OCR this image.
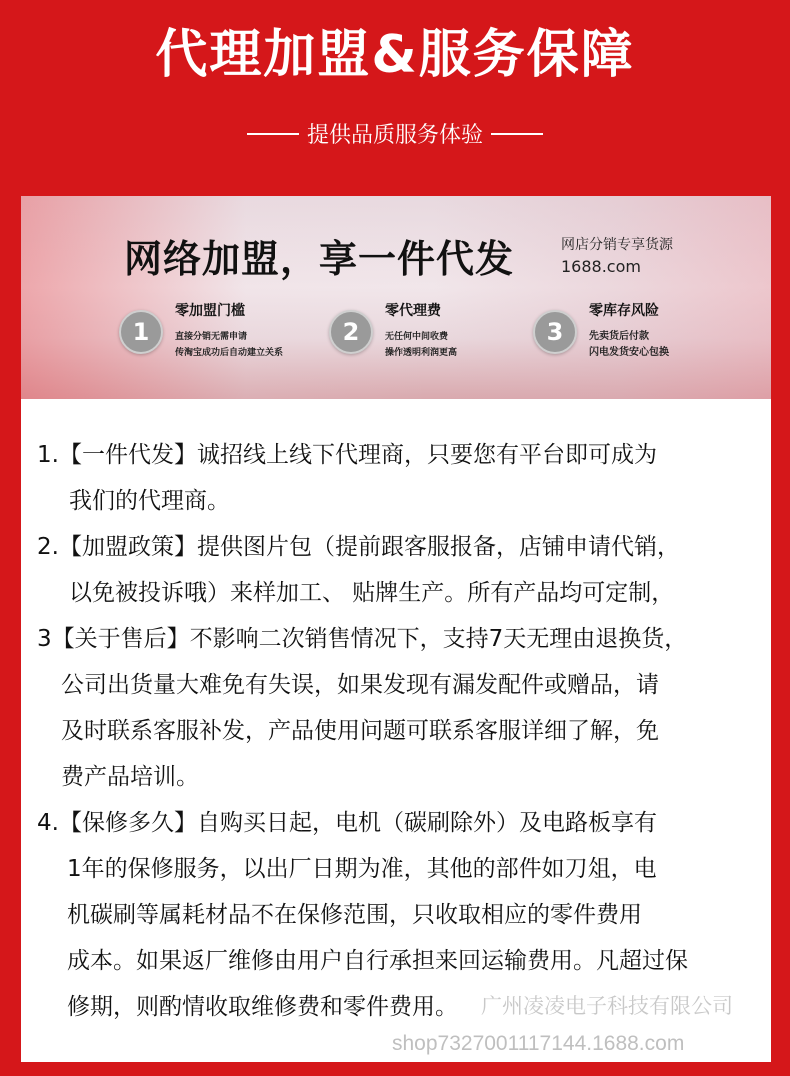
代理加盟&服务保障
提供品质服务体验
网络加盟，享一件代发	网店分销专享货源
1688.com
1
零加盟门槛
直接分销无需申请
传淘宝成功后自动建立关系
2
零代理费
无任何中间收费
操作透明利润更高
3
零库存风险
先卖货后付款
闪电发货安心包换
1.【一件代发】诚招线上线下代理商，只要您有平台即可成为
我们的代理商。
2.【加盟政策】提供图片包（提前跟客服报备，店铺申请代销，
以免被投诉哦）来样加工、 贴牌生产。所有产品均可定制，
3【关于售后】不影响二次销售情况下，支持7天无理由退换货，
公司出货量大难免有失误，如果发现有漏发配件或赠品，请
及时联系客服补发，产品使用问题可联系客服详细了解，免
费产品培训。
4.【保修多久】自购买日起，电机（碳刷除外）及电路板享有
1年的保修服务，以出厂日期为准，其他的部件如刀俎，电
机碳刷等属耗材品不在保修范围，只收取相应的零件费用
成本。如果返厂维修由用户自行承担来回运输费用。凡超过保
修期，则酌情收取维修费和零件费用。 广州凌凌电子科技有限公司
shop7327001117144.1688.com
